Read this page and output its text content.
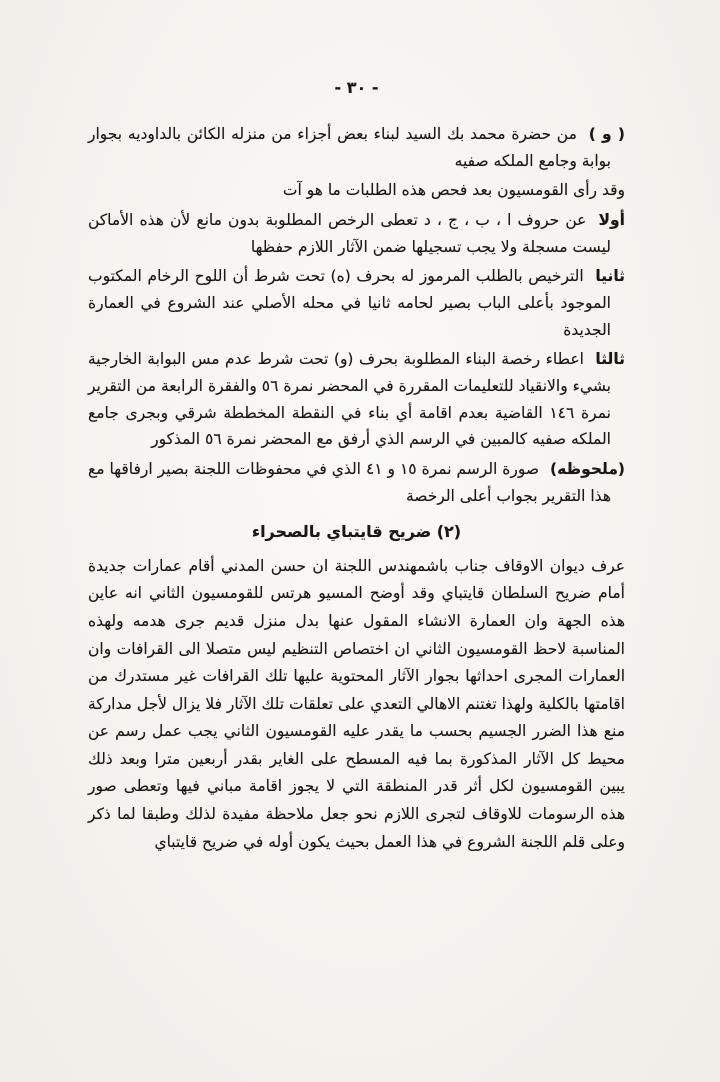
- ٣٠ -

( و ) من حضرة محمد بك السيد لبناء بعض أجزاء من منزله الكائن بالداوديه بجوار بوابة وجامع الملكه صفيه

وقد رأى القومسيون بعد فحص هذه الطلبات ما هو آت

أولا عن حروف ا ، ب ، ج ، د تعطى الرخص المطلوبة بدون مانع لأن هذه الأماكن ليست مسجلة ولا يجب تسجيلها ضمن الآثار اللازم حفظها

ثانيا الترخيص بالطلب المرموز له بحرف (ه) تحت شرط أن اللوح الرخام المكتوب الموجود بأعلى الباب بصير لحامه ثانيا في محله الأصلي عند الشروع في العمارة الجديدة

ثالثا اعطاء رخصة البناء المطلوبة بحرف (و) تحت شرط عدم مس البوابة الخارجية بشيء والانقياد للتعليمات المقررة في المحضر نمرة ٥٦ والفقرة الرابعة من التقرير نمرة ١٤٦ القاضية بعدم اقامة أي بناء في النقطة المخططة شرقي وبجرى جامع الملكه صفيه كالمبين في الرسم الذي أرفق مع المحضر نمرة ٥٦ المذكور

(ملحوظه) صورة الرسم نمرة ١٥ و ٤١ الذي في محفوظات اللجنة بصير ارفاقها مع هذا التقرير بجواب أعلى الرخصة

(٢) ضريح قايتباي بالصحراء

عرف ديوان الاوقاف جناب باشمهندس اللجنة ان حسن المدني أقام عمارات جديدة أمام ضريح السلطان قايتباي وقد أوضح المسيو هرتس للقومسيون الثاني انه عاين هذه الجهة وان العمارة الانشاء المقول عنها بدل منزل قديم جرى هدمه ولهذه المناسبة لاحظ القومسيون الثاني ان اختصاص التنظيم ليس متصلا الى القرافات وان العمارات المجرى احداثها بجوار الآثار المحتوية عليها تلك القرافات غير مستدرك من اقامتها بالكلية ولهذا تغتنم الاهالي التعدي على تعلقات تلك الآثار فلا يزال لأجل مداركة منع هذا الضرر الجسيم بحسب ما يقدر عليه القومسيون الثاني يجب عمل رسم عن محيط كل الآثار المذكورة بما فيه المسطح على الغاير بقدر أربعين مترا وبعد ذلك يبين القومسيون لكل أثر قدر المنطقة التي لا يجوز اقامة مباني فيها وتعطى صور هذه الرسومات للاوقاف لتجرى اللازم نحو جعل ملاحظة مفيدة لذلك وطبقا لما ذكر وعلى قلم اللجنة الشروع في هذا العمل بحيث يكون أوله في ضريح قايتباي
